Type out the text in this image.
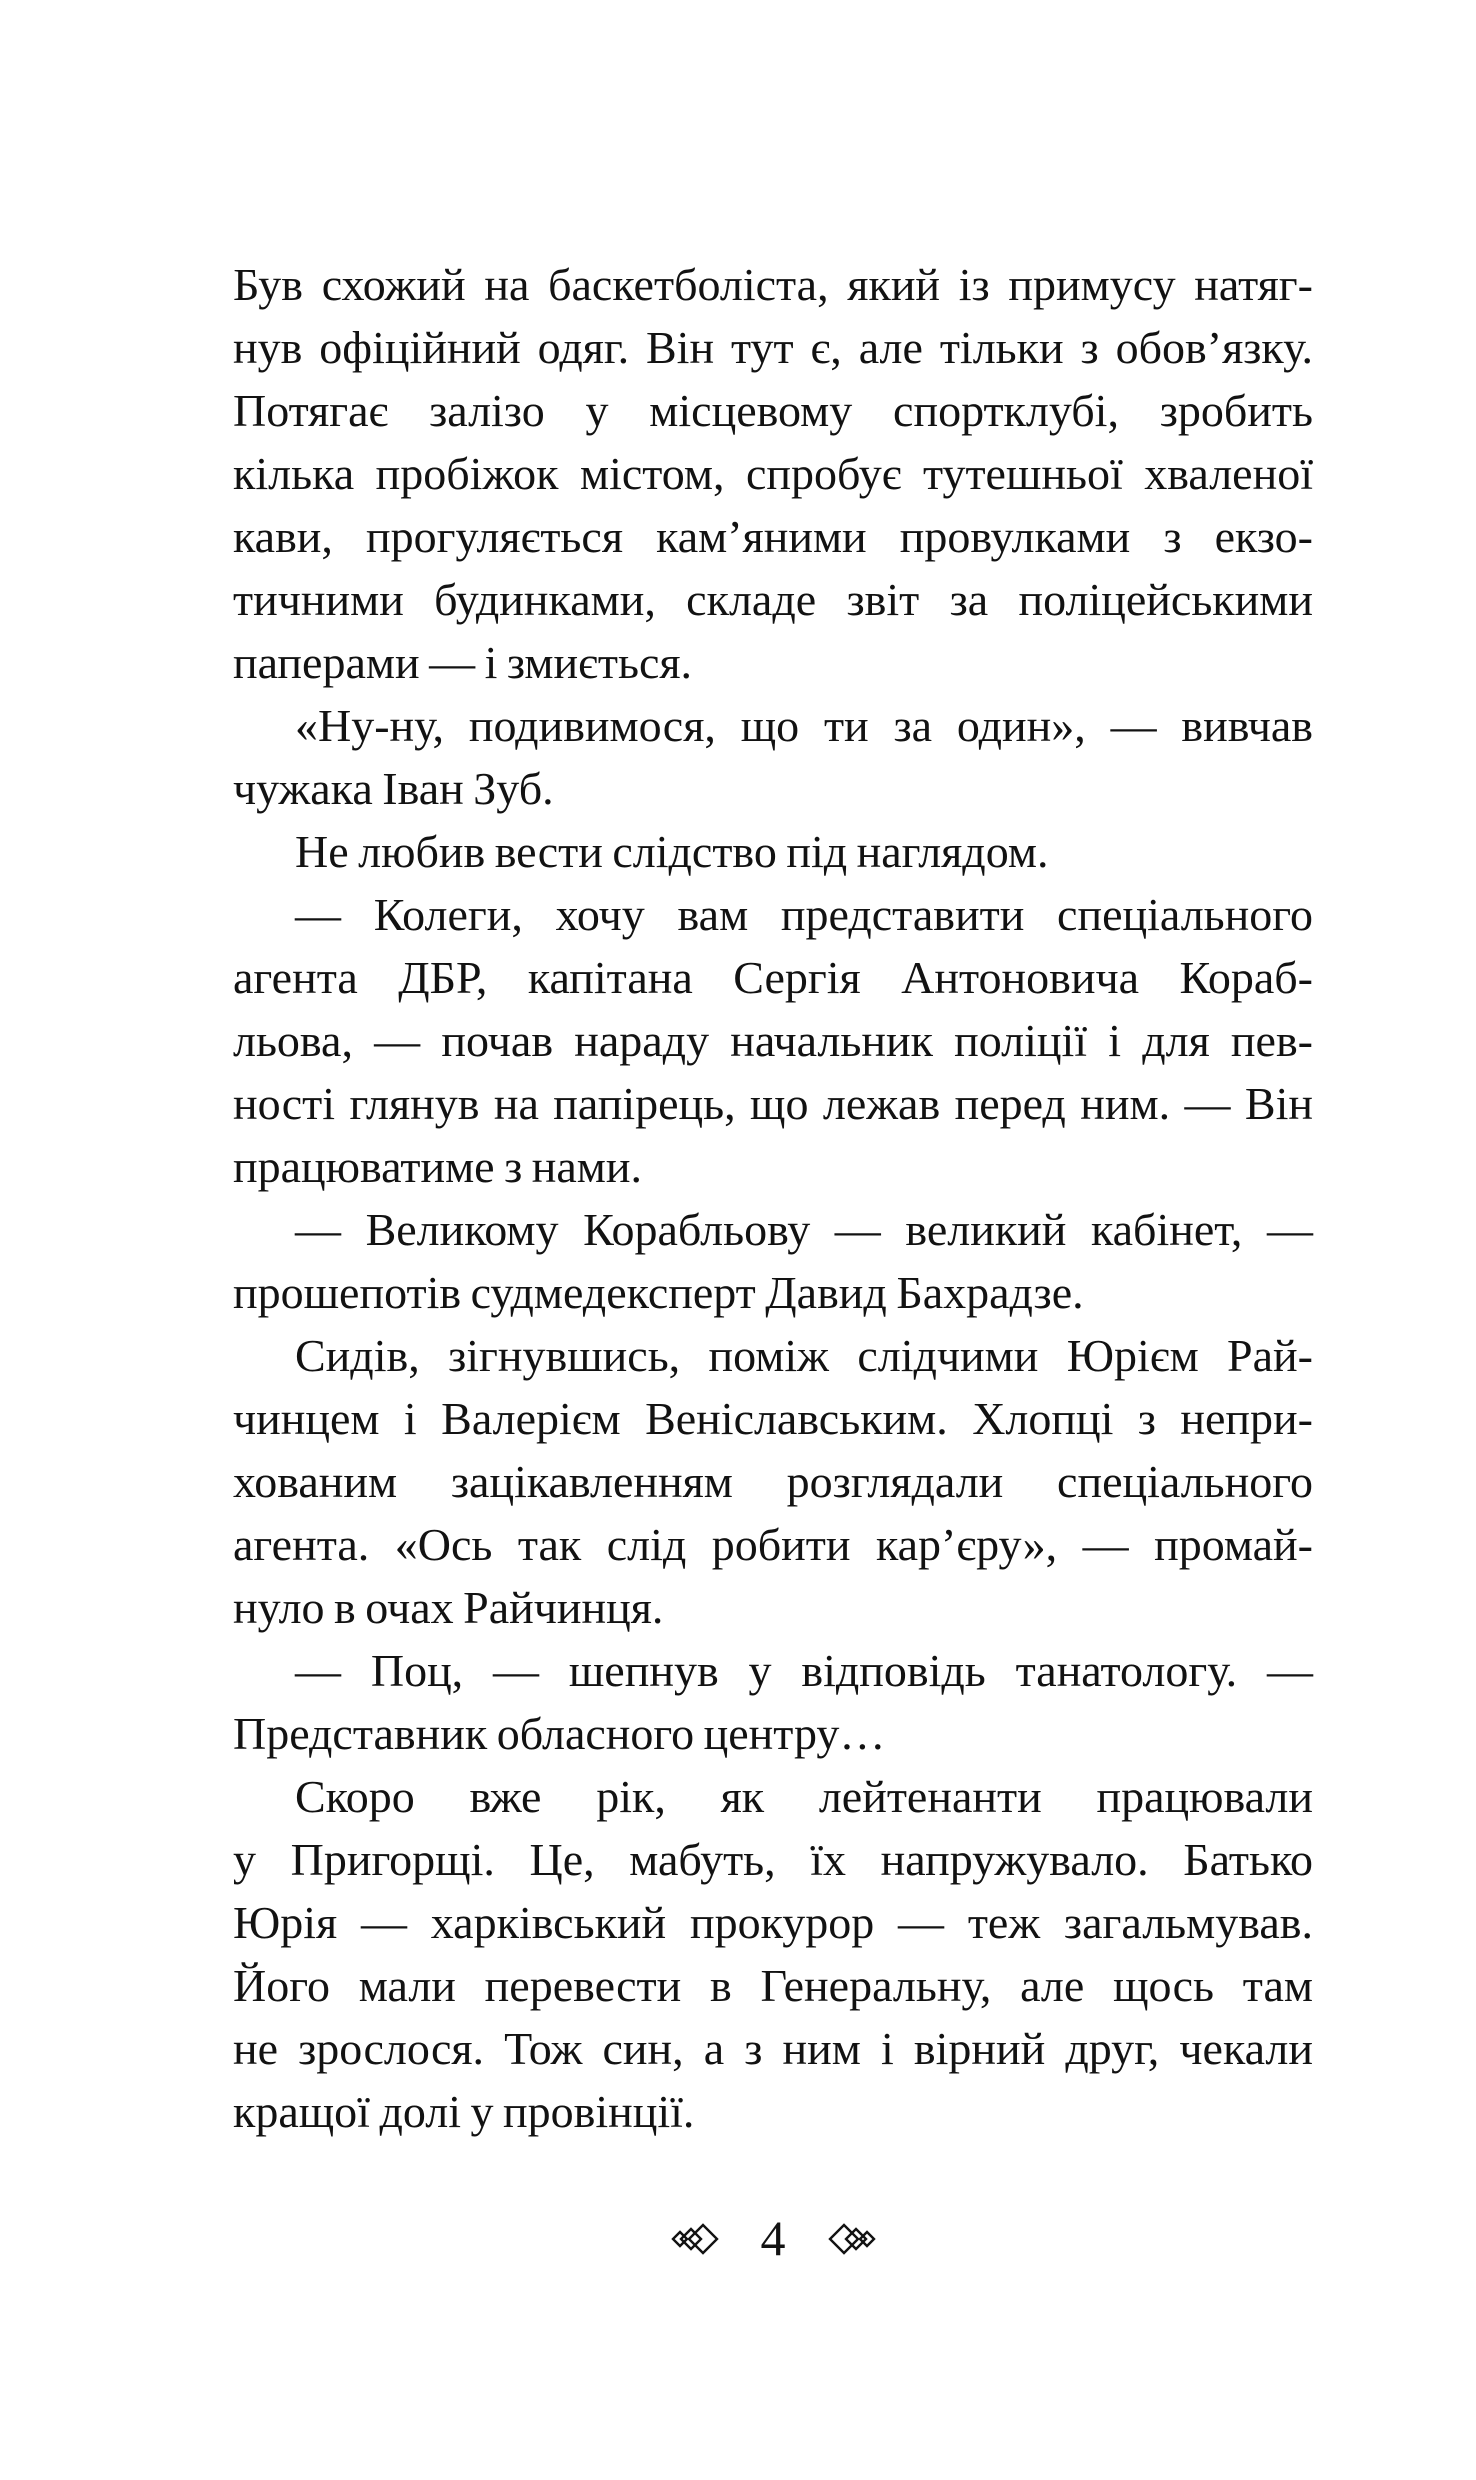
Був схожий на баскетболіста, який із примусу натяг-
нув офіційний одяг. Він тут є, але тільки з обов’язку.
Потягає залізо у місцевому спортклубі, зробить
кілька пробіжок містом, спробує тутешньої хваленої
кави, прогуляється кам’яними провулками з екзо-
тичними будинками, складе звіт за поліцейськими
паперами — і змиється.
«Ну-ну, подивимося, що ти за один», — вивчав
чужака Іван Зуб.
Не любив вести слідство під наглядом.
— Колеги, хочу вам представити спеціального
агента ДБР, капітана Сергія Антоновича Кораб-
льова, — почав нараду начальник поліції і для пев-
ності глянув на папірець, що лежав перед ним. — Він
працюватиме з нами.
— Великому Корабльову — великий кабінет, —
прошепотів судмедексперт Давид Бахрадзе.
Сидів, зігнувшись, поміж слідчими Юрієм Рай-
чинцем і Валерієм Веніславським. Хлопці з непри-
хованим зацікавленням розглядали спеціального
агента. «Ось так слід робити кар’єру», — промай-
нуло в очах Райчинця.
— Поц, — шепнув у відповідь танатологу. —
Представник обласного центру…
Скоро вже рік, як лейтенанти працювали
у Пригорщі. Це, мабуть, їх напружувало. Батько
Юрія — харківський прокурор — теж загальмував.
Його мали перевести в Генеральну, але щось там
не зрослося. Тож син, а з ним і вірний друг, чекали
кращої долі у провінції.
4
